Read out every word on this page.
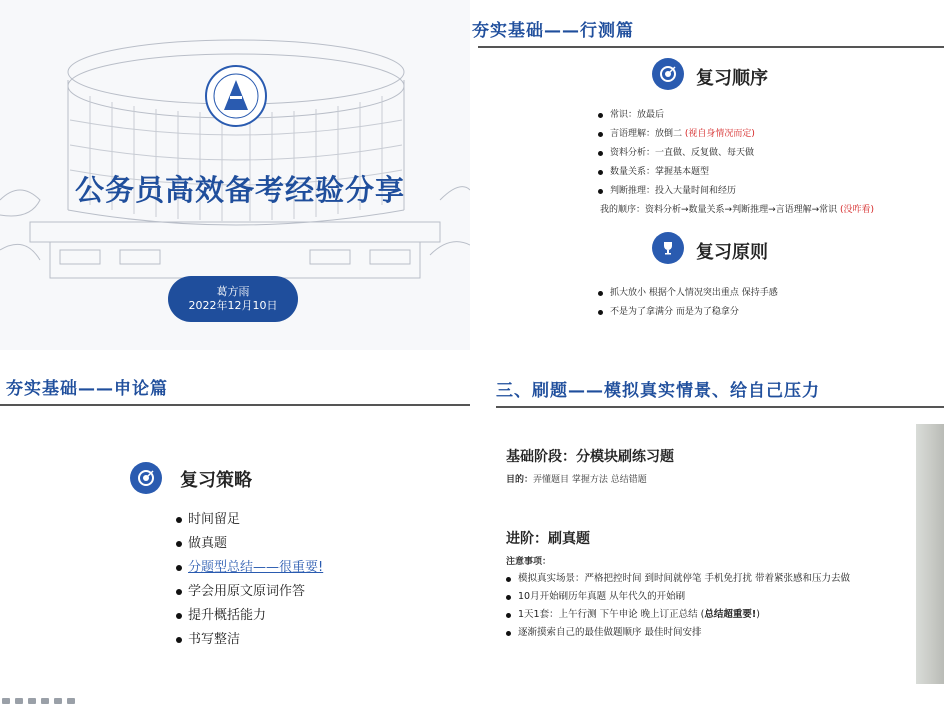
公务员高效备考经验分享
葛方雨
2022年12月10日
夯实基础——行测篇
复习顺序
常识：放最后
言语理解：放倒二 (视自身情况而定)
资料分析：一直做、反复做、每天做
数量关系：掌握基本题型
判断推理：投入大量时间和经历
我的顺序：资料分析→数量关系→判断推理→言语理解→常识 (没咋看)
复习原则
抓大放小 根据个人情况突出重点 保持手感
不是为了拿满分 而是为了稳拿分
夯实基础——申论篇
复习策略
时间留足
做真题
分题型总结——很重要!
学会用原文原词作答
提升概括能力
书写整洁
三、刷题——模拟真实情景、给自己压力
基础阶段：分模块刷练习题
目的：弄懂题目 掌握方法 总结错题
进阶：刷真题
注意事项：
模拟真实场景：严格把控时间 到时间就停笔 手机免打扰 带着紧张感和压力去做
10月开始刷历年真题 从年代久的开始刷
1天1套：上午行测 下午申论 晚上订正总结 (总结超重要!)
逐渐摸索自己的最佳做题顺序 最佳时间安排
